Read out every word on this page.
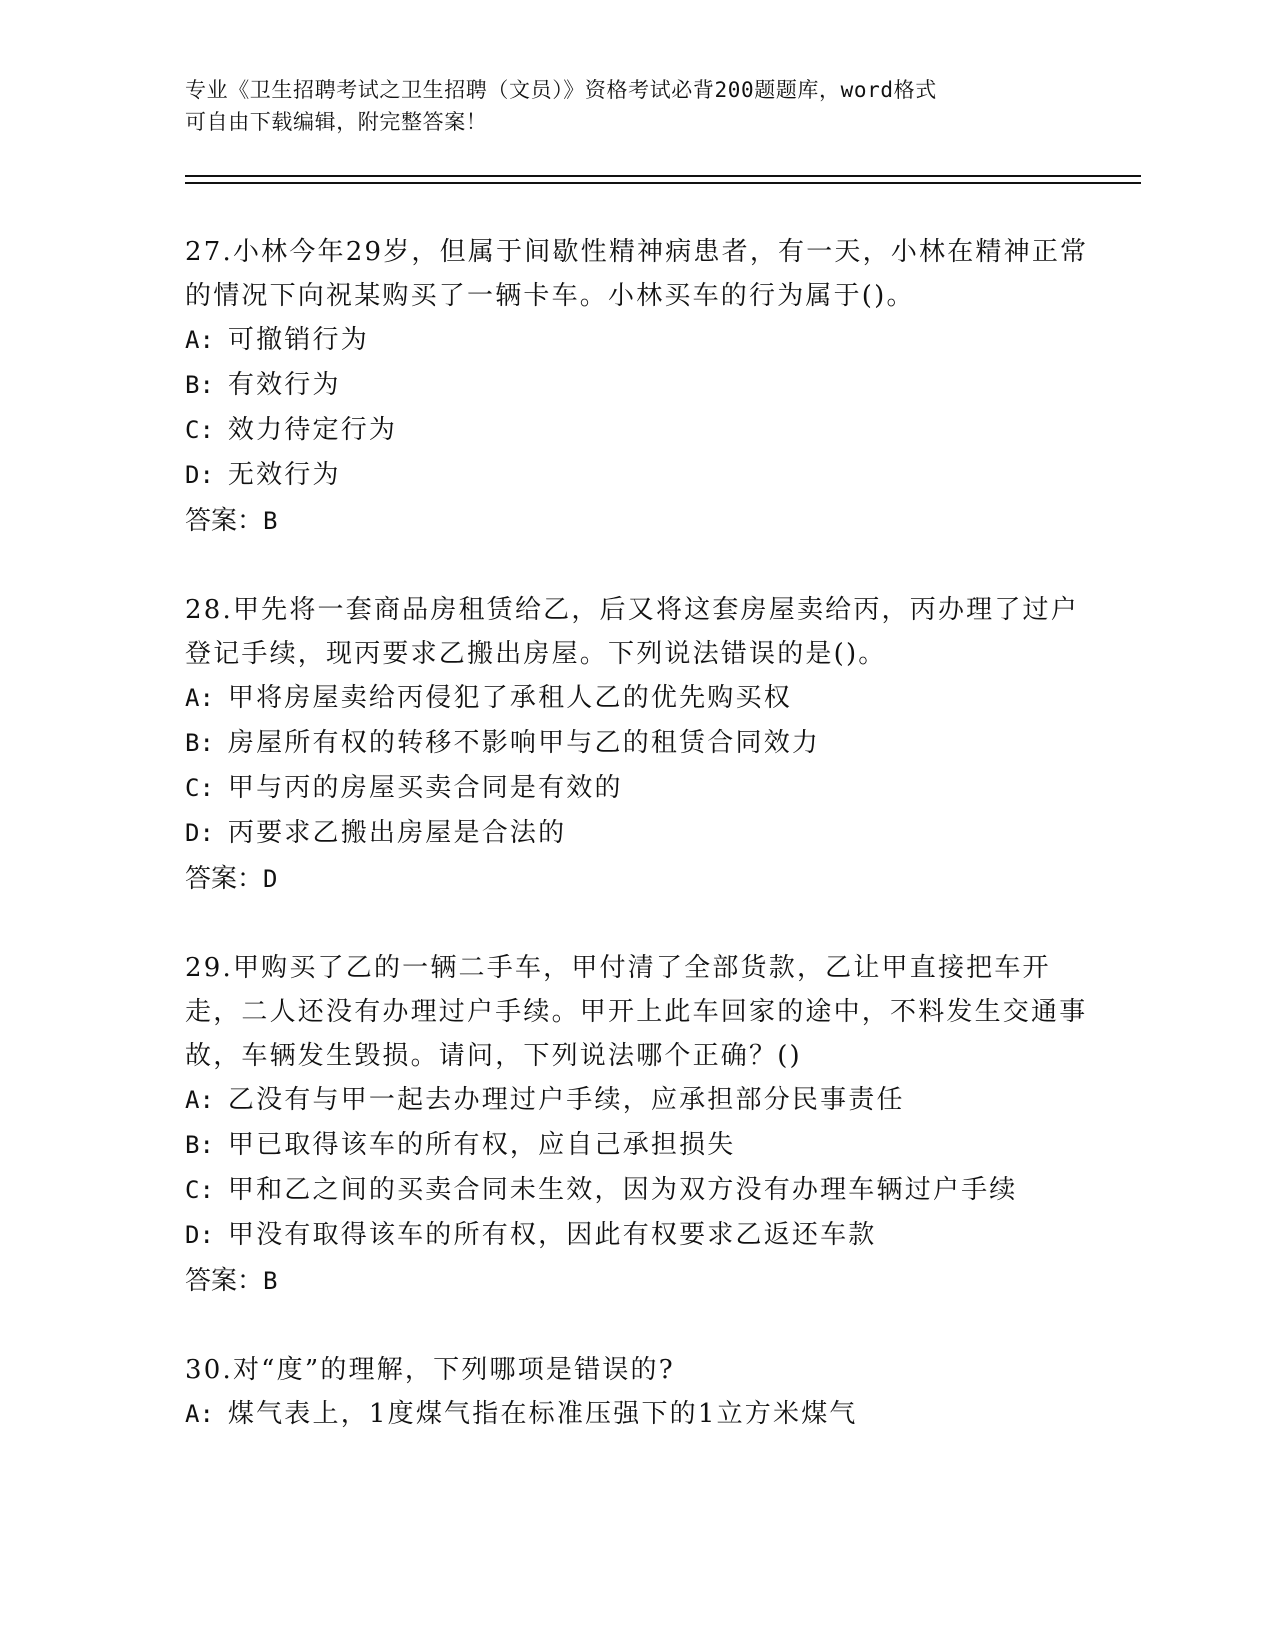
专业《卫生招聘考试之卫生招聘（文员）》资格考试必背200题题库，word格式
可自由下载编辑，附完整答案！
27.小林今年29岁，但属于间歇性精神病患者，有一天，小林在精神正常的情况下向祝某购买了一辆卡车。小林买车的行为属于()。
A: 可撤销行为
B: 有效行为
C: 效力待定行为
D: 无效行为
答案：B
28.甲先将一套商品房租赁给乙，后又将这套房屋卖给丙，丙办理了过户登记手续，现丙要求乙搬出房屋。下列说法错误的是()。
A: 甲将房屋卖给丙侵犯了承租人乙的优先购买权
B: 房屋所有权的转移不影响甲与乙的租赁合同效力
C: 甲与丙的房屋买卖合同是有效的
D: 丙要求乙搬出房屋是合法的
答案：D
29.甲购买了乙的一辆二手车，甲付清了全部货款，乙让甲直接把车开走，二人还没有办理过户手续。甲开上此车回家的途中，不料发生交通事故，车辆发生毁损。请问，下列说法哪个正确？()
A: 乙没有与甲一起去办理过户手续，应承担部分民事责任
B: 甲已取得该车的所有权，应自己承担损失
C: 甲和乙之间的买卖合同未生效，因为双方没有办理车辆过户手续
D: 甲没有取得该车的所有权，因此有权要求乙返还车款
答案：B
30.对“度”的理解，下列哪项是错误的?
A: 煤气表上，1度煤气指在标准压强下的1立方米煤气
